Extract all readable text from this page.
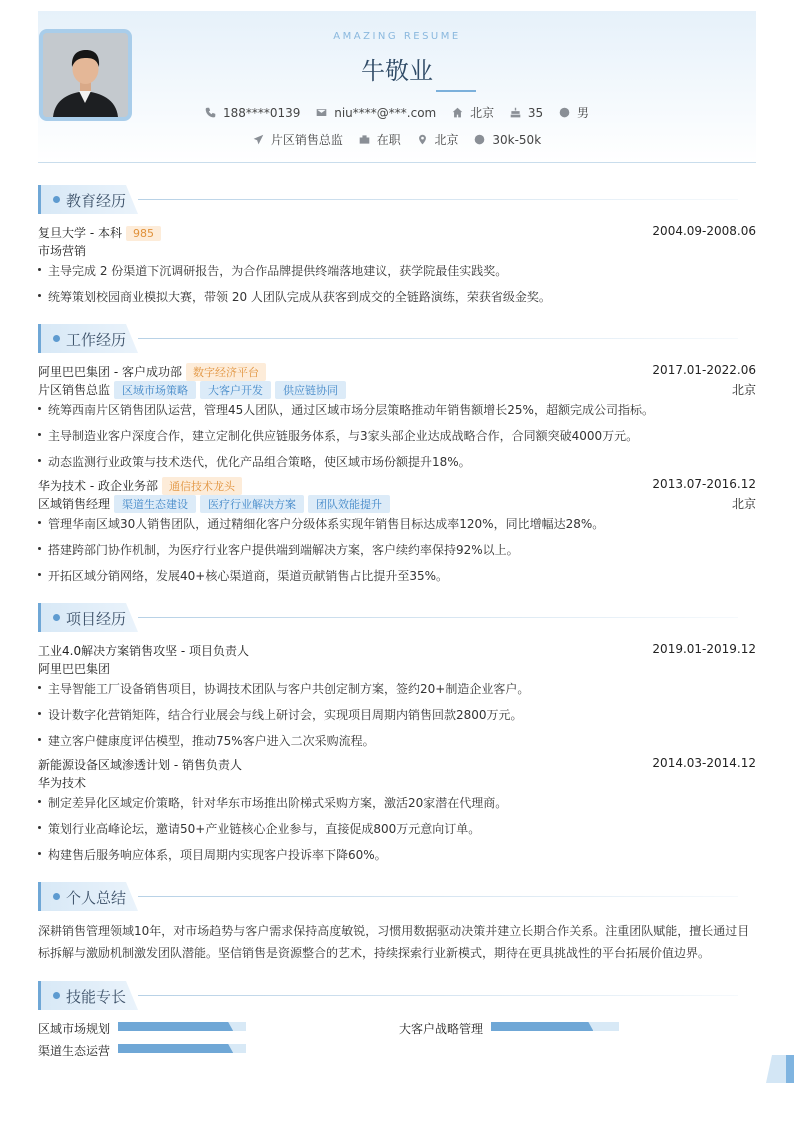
AMAZING RESUME
牛敬业
188****0139
	niu****@***.com
	北京
	35
	男
片区销售总监
	在职
	北京
	30k-50k
教育经历
复旦大学 - 本科 985	2004.09-2008.06
市场营销
主导完成 2 份渠道下沉调研报告，为合作品牌提供终端落地建议，获学院最佳实践奖。
统筹策划校园商业模拟大赛，带领 20 人团队完成从获客到成交的全链路演练，荣获省级金奖。
工作经历
阿里巴巴集团 - 客户成功部 数字经济平台	2017.01-2022.06
片区销售总监 区域市场策略 大客户开发 供应链协同	北京
统筹西南片区销售团队运营，管理45人团队，通过区域市场分层策略推动年销售额增长25%，超额完成公司指标。
主导制造业客户深度合作，建立定制化供应链服务体系，与3家头部企业达成战略合作，合同额突破4000万元。
动态监测行业政策与技术迭代，优化产品组合策略，使区域市场份额提升18%。
华为技术 - 政企业务部 通信技术龙头	2013.07-2016.12
区域销售经理 渠道生态建设 医疗行业解决方案 团队效能提升	北京
管理华南区域30人销售团队，通过精细化客户分级体系实现年销售目标达成率120%，同比增幅达28%。
搭建跨部门协作机制，为医疗行业客户提供端到端解决方案，客户续约率保持92%以上。
开拓区域分销网络，发展40+核心渠道商，渠道贡献销售占比提升至35%。
项目经历
工业4.0解决方案销售攻坚 - 项目负责人	2019.01-2019.12
阿里巴巴集团
主导智能工厂设备销售项目，协调技术团队与客户共创定制方案，签约20+制造企业客户。
设计数字化营销矩阵，结合行业展会与线上研讨会，实现项目周期内销售回款2800万元。
建立客户健康度评估模型，推动75%客户进入二次采购流程。
新能源设备区域渗透计划 - 销售负责人	2014.03-2014.12
华为技术
制定差异化区域定价策略，针对华东市场推出阶梯式采购方案，激活20家潜在代理商。
策划行业高峰论坛，邀请50+产业链核心企业参与，直接促成800万元意向订单。
构建售后服务响应体系，项目周期内实现客户投诉率下降60%。
个人总结
深耕销售管理领域10年，对市场趋势与客户需求保持高度敏锐，习惯用数据驱动决策并建立长期合作关系。注重团队赋能，擅长通过目
标拆解与激励机制激发团队潜能。坚信销售是资源整合的艺术，持续探索行业新模式，期待在更具挑战性的平台拓展价值边界。
技能专长
区域市场规划	大客户战略管理
渠道生态运营
